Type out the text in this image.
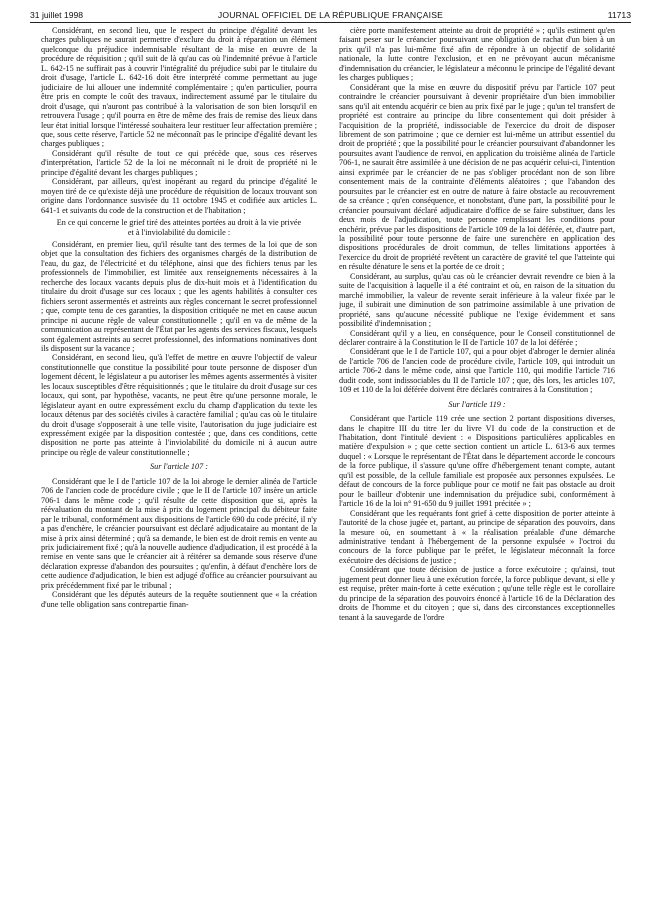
31 juillet 1998	JOURNAL OFFICIEL DE LA RÉPUBLIQUE FRANÇAISE	11713

Considérant, en second lieu, que le respect du principe d'égalité devant les charges publiques ne saurait permettre d'exclure du droit à réparation un élément quelconque du préjudice indemnisable résultant de la mise en œuvre de la procédure de réquisition ; qu'il suit de là qu'au cas où l'indemnité prévue à l'article L. 642-15 ne suffirait pas à couvrir l'intégralité du préjudice subi par le titulaire du droit d'usage, l'article L. 642-16 doit être interprété comme permettant au juge judiciaire de lui allouer une indemnité complémentaire ; qu'en particulier, pourra être pris en compte le coût des travaux, indirectement assumé par le titulaire du droit d'usage, qui n'auront pas contribué à la valorisation de son bien lorsqu'il en retrouvera l'usage ; qu'il pourra en être de même des frais de remise des lieux dans leur état initial lorsque l'intéressé souhaitera leur restituer leur affectation première ; que, sous cette réserve, l'article 52 ne méconnaît pas le principe d'égalité devant les charges publiques ;

Considérant qu'il résulte de tout ce qui précède que, sous ces réserves d'interprétation, l'article 52 de la loi ne méconnaît ni le droit de propriété ni le principe d'égalité devant les charges publiques ;

Considérant, par ailleurs, qu'est inopérant au regard du principe d'égalité le moyen tiré de ce qu'existe déjà une procédure de réquisition de locaux trouvant son origine dans l'ordonnance susvisée du 11 octobre 1945 et codifiée aux articles L. 641-1 et suivants du code de la construction et de l'habitation ;

En ce qui concerne le grief tiré des atteintes portées au droit à la vie privée et à l'inviolabilité du domicile :

Considérant, en premier lieu, qu'il résulte tant des termes de la loi que de son objet que la consultation des fichiers des organismes chargés de la distribution de l'eau, du gaz, de l'électricité et du téléphone, ainsi que des fichiers tenus par les professionnels de l'immobilier, est limitée aux renseignements nécessaires à la recherche des locaux vacants depuis plus de dix-huit mois et à l'identification du titulaire du droit d'usage sur ces locaux ; que les agents habilités à consulter ces fichiers seront assermentés et astreints aux règles concernant le secret professionnel ; que, compte tenu de ces garanties, la disposition critiquée ne met en cause aucun principe ni aucune règle de valeur constitutionnelle ; qu'il en va de même de la communication au représentant de l'État par les agents des services fiscaux, lesquels sont également astreints au secret professionnel, des informations nominatives dont ils disposent sur la vacance ;

Considérant, en second lieu, qu'à l'effet de mettre en œuvre l'objectif de valeur constitutionnelle que constitue la possibilité pour toute personne de disposer d'un logement décent, le législateur a pu autoriser les mêmes agents assermentés à visiter les locaux susceptibles d'être réquisitionnés ; que le titulaire du droit d'usage sur ces locaux, qui sont, par hypothèse, vacants, ne peut être qu'une personne morale, le législateur ayant en outre expressément exclu du champ d'application du texte les locaux détenus par des sociétés civiles à caractère familial ; qu'au cas où le titulaire du droit d'usage s'opposerait à une telle visite, l'autorisation du juge judiciaire est expressément exigée par la disposition contestée ; que, dans ces conditions, cette disposition ne porte pas atteinte à l'inviolabilité du domicile ni à aucun autre principe ou règle de valeur constitutionnelle ;

Sur l'article 107 :

Considérant que le I de l'article 107 de la loi abroge le dernier alinéa de l'article 706 de l'ancien code de procédure civile ; que le II de l'article 107 insère un article 706-1 dans le même code ; qu'il résulte de cette disposition que si, après la réévaluation du montant de la mise à prix du logement principal du débiteur faite par le tribunal, conformément aux dispositions de l'article 690 du code précité, il n'y a pas d'enchère, le créancier poursuivant est déclaré adjudicataire au montant de la mise à prix ainsi déterminé ; qu'à sa demande, le bien est de droit remis en vente au prix judiciairement fixé ; qu'à la nouvelle audience d'adjudication, il est procédé à la remise en vente sans que le créancier ait à réitérer sa demande sous réserve d'une déclaration expresse d'abandon des poursuites ; qu'enfin, à défaut d'enchère lors de cette audience d'adjudication, le bien est adjugé d'office au créancier poursuivant au prix précédemment fixé par le tribunal ;

Considérant que les députés auteurs de la requête soutiennent que « la création d'une telle obligation sans contrepartie finan-

cière porte manifestement atteinte au droit de propriété » ; qu'ils estiment qu'en faisant peser sur le créancier poursuivant une obligation de rachat d'un bien à un prix qu'il n'a pas lui-même fixé afin de répondre à un objectif de solidarité nationale, la lutte contre l'exclusion, et en ne prévoyant aucun mécanisme d'indemnisation du créancier, le législateur a méconnu le principe de l'égalité devant les charges publiques ;

Considérant que la mise en œuvre du dispositif prévu par l'article 107 peut contraindre le créancier poursuivant à devenir propriétaire d'un bien immobilier sans qu'il ait entendu acquérir ce bien au prix fixé par le juge ; qu'un tel transfert de propriété est contraire au principe du libre consentement qui doit présider à l'acquisition de la propriété, indissociable de l'exercice du droit de disposer librement de son patrimoine ; que ce dernier est lui-même un attribut essentiel du droit de propriété ; que la possibilité pour le créancier poursuivant d'abandonner les poursuites avant l'audience de renvoi, en application du troisième alinéa de l'article 706-1, ne saurait être assimilée à une décision de ne pas acquérir celui-ci, l'intention ainsi exprimée par le créancier de ne pas s'obliger procédant non de son libre consentement mais de la contrainte d'éléments aléatoires ; que l'abandon des poursuites par le créancier est en outre de nature à faire obstacle au recouvrement de sa créance ; qu'en conséquence, et nonobstant, d'une part, la possibilité pour le créancier poursuivant déclaré adjudicataire d'office de se faire substituer, dans les deux mois de l'adjudication, toute personne remplissant les conditions pour enchérir, prévue par les dispositions de l'article 109 de la loi déférée, et, d'autre part, la possibilité pour toute personne de faire une surenchère en application des dispositions procédurales de droit commun, de telles limitations apportées à l'exercice du droit de propriété revêtent un caractère de gravité tel que l'atteinte qui en résulte dénature le sens et la portée de ce droit ;

Considérant, au surplus, qu'au cas où le créancier devrait revendre ce bien à la suite de l'acquisition à laquelle il a été contraint et où, en raison de la situation du marché immobilier, la valeur de revente serait inférieure à la valeur fixée par le juge, il subirait une diminution de son patrimoine assimilable à une privation de propriété, sans qu'aucune nécessité publique ne l'exige évidemment et sans possibilité d'indemnisation ;

Considérant qu'il y a lieu, en conséquence, pour le Conseil constitutionnel de déclarer contraire à la Constitution le II de l'article 107 de la loi déférée ;

Considérant que le I de l'article 107, qui a pour objet d'abroger le dernier alinéa de l'article 706 de l'ancien code de procédure civile, l'article 109, qui introduit un article 706-2 dans le même code, ainsi que l'article 110, qui modifie l'article 716 dudit code, sont indissociables du II de l'article 107 ; que, dès lors, les articles 107, 109 et 110 de la loi déférée doivent être déclarés contraires à la Constitution ;

Sur l'article 119 :

Considérant que l'article 119 crée une section 2 portant dispositions diverses, dans le chapitre III du titre Ier du livre VI du code de la construction et de l'habitation, dont l'intitulé devient : « Dispositions particulières applicables en matière d'expulsion » ; que cette section contient un article L. 613-6 aux termes duquel : « Lorsque le représentant de l'État dans le département accorde le concours de la force publique, il s'assure qu'une offre d'hébergement tenant compte, autant qu'il est possible, de la cellule familiale est proposée aux personnes expulsées. Le défaut de concours de la force publique pour ce motif ne fait pas obstacle au droit pour le bailleur d'obtenir une indemnisation du préjudice subi, conformément à l'article 16 de la loi n° 91-650 du 9 juillet 1991 précitée » ;

Considérant que les requérants font grief à cette disposition de porter atteinte à l'autorité de la chose jugée et, partant, au principe de séparation des pouvoirs, dans la mesure où, en soumettant à « la réalisation préalable d'une démarche administrative tendant à l'hébergement de la personne expulsée » l'octroi du concours de la force publique par le préfet, le législateur méconnaît la force exécutoire des décisions de justice ;

Considérant que toute décision de justice a force exécutoire ; qu'ainsi, tout jugement peut donner lieu à une exécution forcée, la force publique devant, si elle y est requise, prêter main-forte à cette exécution ; qu'une telle règle est le corollaire du principe de la séparation des pouvoirs énoncé à l'article 16 de la Déclaration des droits de l'homme et du citoyen ; que si, dans des circonstances exceptionnelles tenant à la sauvegarde de l'ordre
